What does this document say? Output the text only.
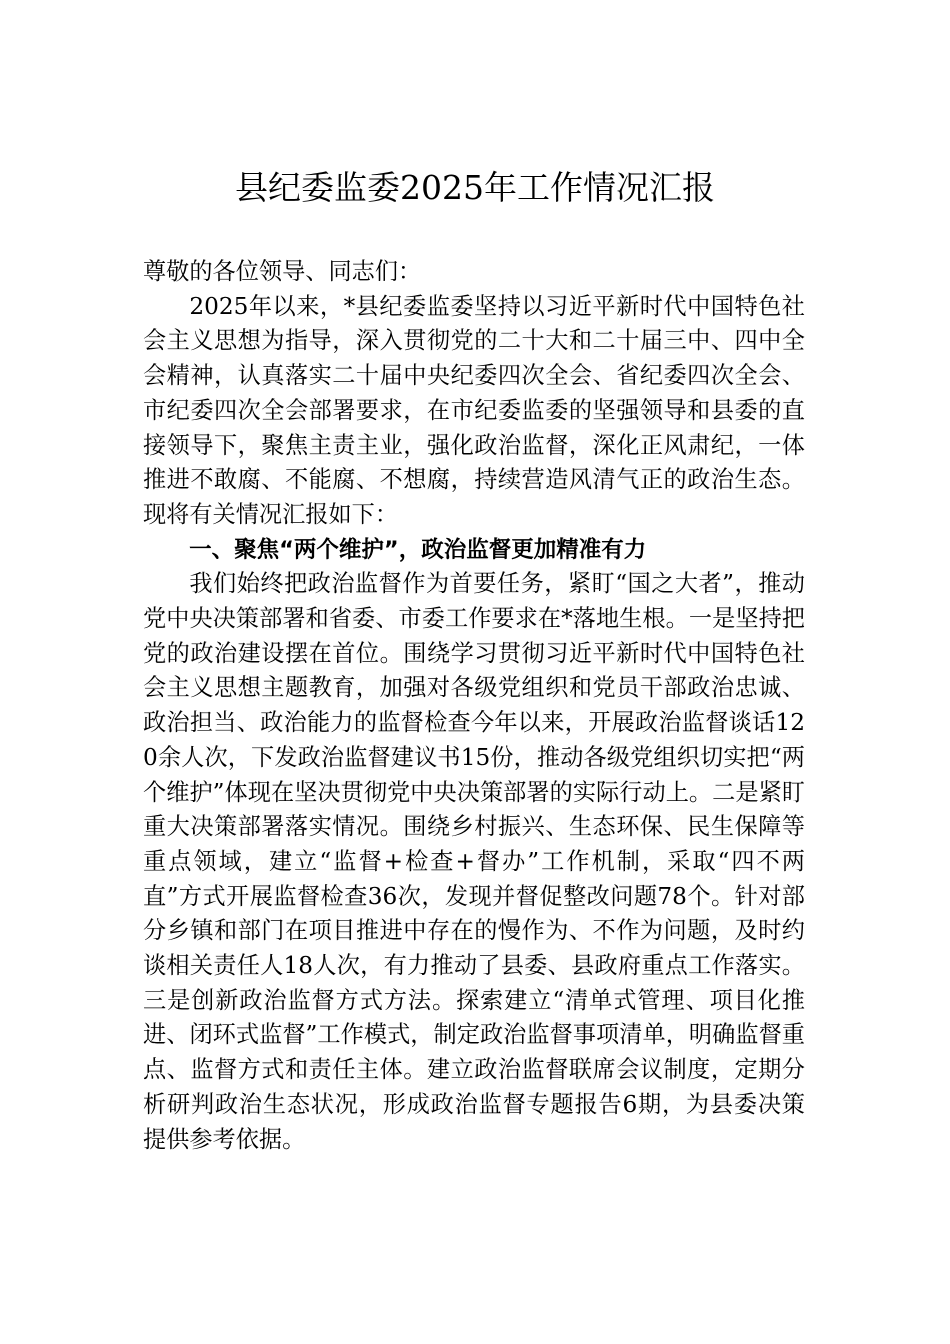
县纪委监委2025年工作情况汇报

尊敬的各位领导、同志们：

2025年以来，*县纪委监委坚持以习近平新时代中国特色社会主义思想为指导，深入贯彻党的二十大和二十届三中、四中全会精神，认真落实二十届中央纪委四次全会、省纪委四次全会、市纪委四次全会部署要求，在市纪委监委的坚强领导和县委的直接领导下，聚焦主责主业，强化政治监督，深化正风肃纪，一体推进不敢腐、不能腐、不想腐，持续营造风清气正的政治生态。现将有关情况汇报如下：

一、聚焦“两个维护”，政治监督更加精准有力

我们始终把政治监督作为首要任务，紧盯“国之大者”，推动党中央决策部署和省委、市委工作要求在*落地生根。一是坚持把党的政治建设摆在首位。围绕学习贯彻习近平新时代中国特色社会主义思想主题教育，加强对各级党组织和党员干部政治忠诚、政治担当、政治能力的监督检查今年以来，开展政治监督谈话120余人次，下发政治监督建议书15份，推动各级党组织切实把“两个维护”体现在坚决贯彻党中央决策部署的实际行动上。二是紧盯重大决策部署落实情况。围绕乡村振兴、生态环保、民生保障等重点领域，建立“监督+检查+督办”工作机制，采取“四不两直”方式开展监督检查36次，发现并督促整改问题78个。针对部分乡镇和部门在项目推进中存在的慢作为、不作为问题，及时约谈相关责任人18人次，有力推动了县委、县政府重点工作落实。三是创新政治监督方式方法。探索建立“清单式管理、项目化推进、闭环式监督”工作模式，制定政治监督事项清单，明确监督重点、监督方式和责任主体。建立政治监督联席会议制度，定期分析研判政治生态状况，形成政治监督专题报告6期，为县委决策提供参考依据。
